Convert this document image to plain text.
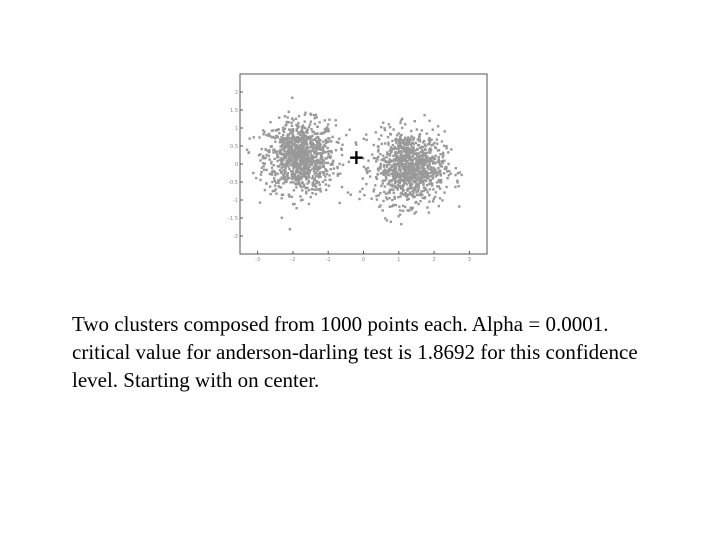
-3	-2	-1	0	1	2	3
-2
-1.5
-1
-0.5
0
0.5
1
1.5
2
+

Two clusters composed from 1000 points each. Alpha = 0.0001. critical value for anderson-darling test is 1.8692 for this confidence level. Starting with on center.
